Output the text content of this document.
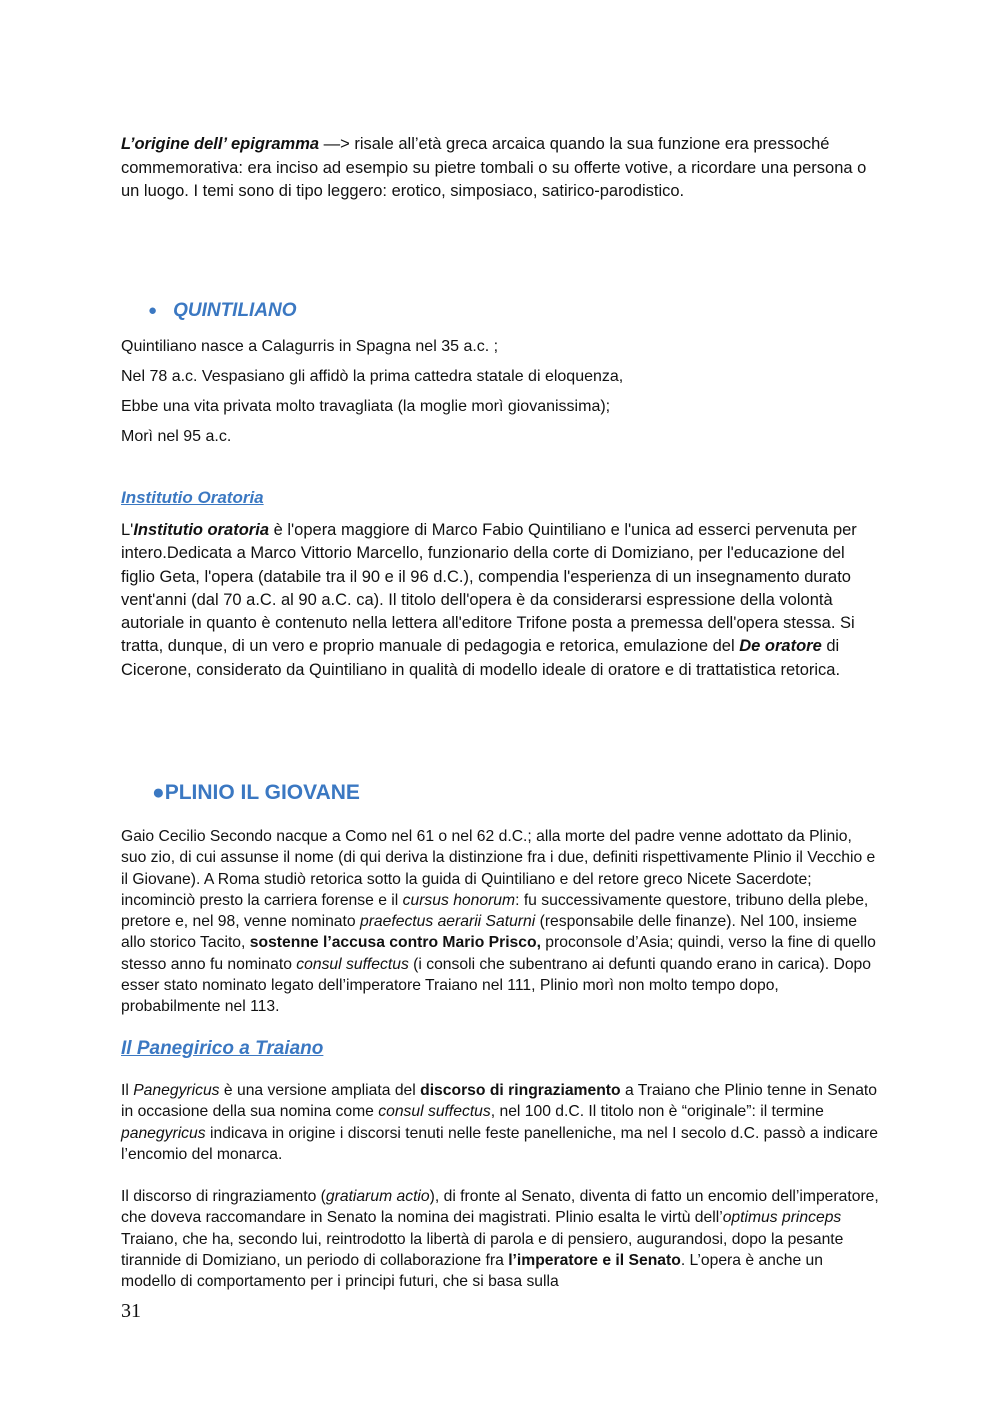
L’origine dell’ epigramma —> risale all’età greca arcaica quando la sua funzione era pressoché commemorativa: era inciso ad esempio su pietre tombali o su offerte votive, a ricordare una persona o un luogo. I temi sono di tipo leggero: erotico, simposiaco, satirico-parodistico.

● QUINTILIANO

Quintiliano nasce a Calagurris in Spagna nel 35 a.c. ;

Nel 78 a.c. Vespasiano gli affidò la prima cattedra statale di eloquenza,

Ebbe una vita privata molto travagliata (la moglie morì giovanissima);

Morì nel 95 a.c.

Institutio Oratoria

L'Institutio oratoria è l'opera maggiore di Marco Fabio Quintiliano e l'unica ad esserci pervenuta per intero.Dedicata a Marco Vittorio Marcello, funzionario della corte di Domiziano, per l'educazione del figlio Geta, l'opera (databile tra il 90 e il 96 d.C.), compendia l'esperienza di un insegnamento durato vent'anni (dal 70 a.C. al 90 a.C. ca). Il titolo dell'opera è da considerarsi espressione della volontà autoriale in quanto è contenuto nella lettera all'editore Trifone posta a premessa dell'opera stessa. Si tratta, dunque, di un vero e proprio manuale di pedagogia e retorica, emulazione del De oratore di Cicerone, considerato da Quintiliano in qualità di modello ideale di oratore e di trattatistica retorica.

●PLINIO IL GIOVANE

Gaio Cecilio Secondo nacque a Como nel 61 o nel 62 d.C.; alla morte del padre venne adottato da Plinio, suo zio, di cui assunse il nome (di qui deriva la distinzione fra i due, definiti rispettivamente Plinio il Vecchio e il Giovane). A Roma studiò retorica sotto la guida di Quintiliano e del retore greco Nicete Sacerdote; incominciò presto la carriera forense e il cursus honorum: fu successivamente questore, tribuno della plebe, pretore e, nel 98, venne nominato praefectus aerarii Saturni (responsabile delle finanze). Nel 100, insieme allo storico Tacito, sostenne l’accusa contro Mario Prisco, proconsole d’Asia; quindi, verso la fine di quello stesso anno fu nominato consul suffectus (i consoli che subentrano ai defunti quando erano in carica). Dopo esser stato nominato legato dell’imperatore Traiano nel 111, Plinio morì non molto tempo dopo, probabilmente nel 113.

Il Panegirico a Traiano

Il Panegyricus è una versione ampliata del discorso di ringraziamento a Traiano che Plinio tenne in Senato in occasione della sua nomina come consul suffectus, nel 100 d.C. Il titolo non è “originale”: il termine panegyricus indicava in origine i discorsi tenuti nelle feste panelleniche, ma nel I secolo d.C. passò a indicare l’encomio del monarca.

Il discorso di ringraziamento (gratiarum actio), di fronte al Senato, diventa di fatto un encomio dell’imperatore, che doveva raccomandare in Senato la nomina dei magistrati. Plinio esalta le virtù dell’optimus princeps Traiano, che ha, secondo lui, reintrodotto la libertà di parola e di pensiero, augurandosi, dopo la pesante tirannide di Domiziano, un periodo di collaborazione fra l’imperatore e il Senato. L’opera è anche un modello di comportamento per i principi futuri, che si basa sulla

31
